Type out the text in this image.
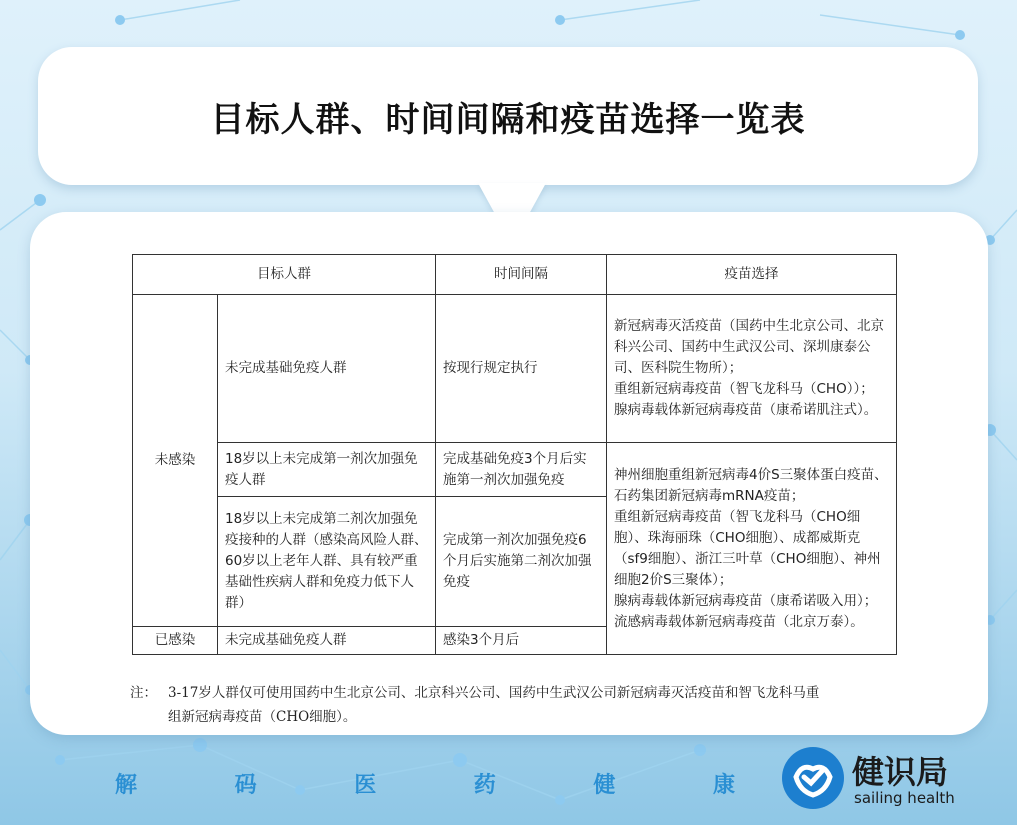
目标人群、时间间隔和疫苗选择一览表
目标人群		时间间隔	疫苗选择
未感染	未完成基础免疫人群	按现行规定执行	新冠病毒灭活疫苗（国药中生北京公司、北京科兴公司、国药中生武汉公司、深圳康泰公司、医科院生物所）；
重组新冠病毒疫苗（智飞龙科马（CHO））；
腺病毒载体新冠病毒疫苗（康希诺肌注式）。

	18岁以上未完成第一剂次加强免疫人群	完成基础免疫3个月后实施第一剂次加强免疫	神州细胞重组新冠病毒4价S三聚体蛋白疫苗、石药集团新冠病毒mRNA疫苗；
重组新冠病毒疫苗（智飞龙科马（CHO细胞）、珠海丽珠（CHO细胞）、成都威斯克（sf9细胞）、浙江三叶草（CHO细胞）、神州细胞2价S三聚体）；
腺病毒载体新冠病毒疫苗（康希诺吸入用）；
流感病毒载体新冠病毒疫苗（北京万泰）。

	18岁以上未完成第二剂次加强免疫接种的人群（感染高风险人群、60岁以上老年人群、具有较严重基础性疾病人群和免疫力低下人群）	完成第一剂次加强免疫6个月后实施第二剂次加强免疫	
已感染	未完成基础免疫人群	感染3个月后	
注： 3-17岁人群仅可使用国药中生北京公司、北京科兴公司、国药中生武汉公司新冠病毒灭活疫苗和智飞龙科马重
组新冠病毒疫苗（CHO细胞）。
解	码	医	药	健	康	健识局
sailing health
